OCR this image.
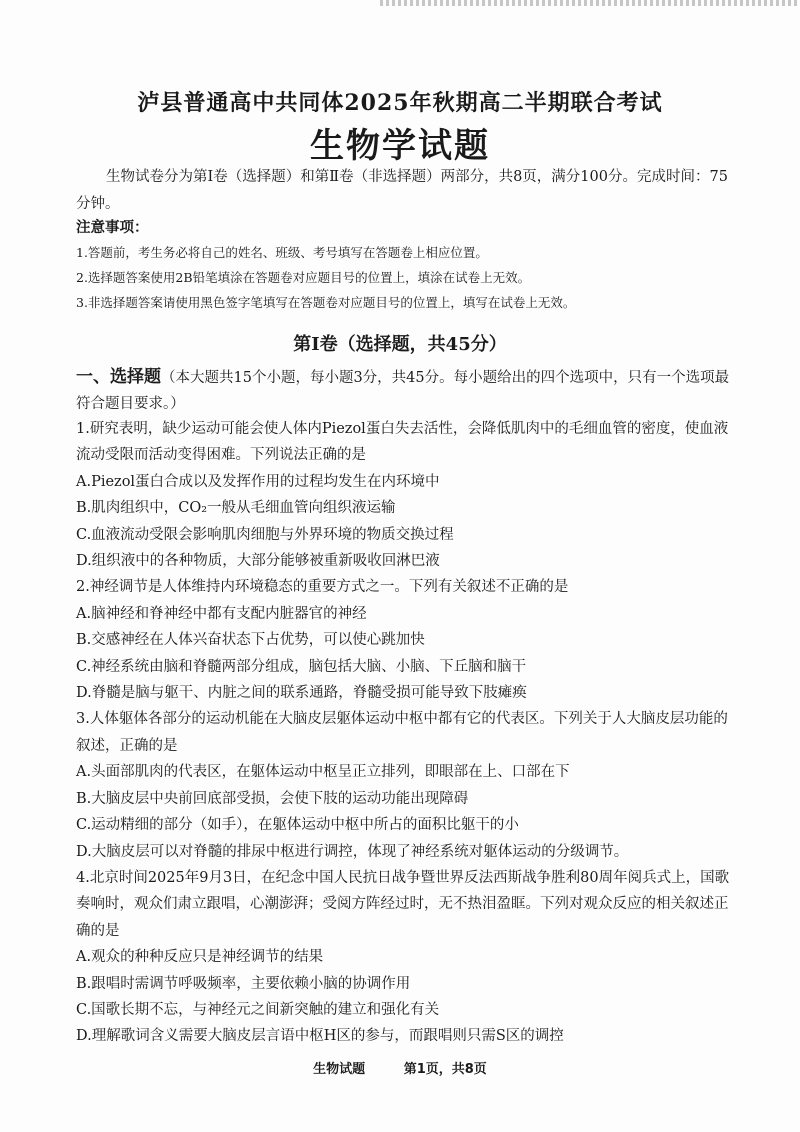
泸县普通高中共同体2025年秋期高二半期联合考试
生物学试题
生物试卷分为第Ⅰ卷（选择题）和第Ⅱ卷（非选择题）两部分，共8页，满分100分。完成时间：75分钟。
注意事项：
1.答题前，考生务必将自己的姓名、班级、考号填写在答题卷上相应位置。
2.选择题答案使用2B铅笔填涂在答题卷对应题目号的位置上，填涂在试卷上无效。
3.非选择题答案请使用黑色签字笔填写在答题卷对应题目号的位置上，填写在试卷上无效。
第Ⅰ卷（选择题，共45分）
一、选择题（本大题共15个小题，每小题3分，共45分。每小题给出的四个选项中，只有一个选项最符合题目要求。）

1.研究表明，缺少运动可能会使人体内Piezol蛋白失去活性，会降低肌肉中的毛细血管的密度，使血液流动受限而活动变得困难。下列说法正确的是

A.Piezol蛋白合成以及发挥作用的过程均发生在内环境中

B.肌肉组织中，CO₂一般从毛细血管向组织液运输

C.血液流动受限会影响肌肉细胞与外界环境的物质交换过程

D.组织液中的各种物质，大部分能够被重新吸收回淋巴液

2.神经调节是人体维持内环境稳态的重要方式之一。下列有关叙述不正确的是

A.脑神经和脊神经中都有支配内脏器官的神经

B.交感神经在人体兴奋状态下占优势，可以使心跳加快

C.神经系统由脑和脊髓两部分组成，脑包括大脑、小脑、下丘脑和脑干

D.脊髓是脑与躯干、内脏之间的联系通路，脊髓受损可能导致下肢瘫痪

3.人体躯体各部分的运动机能在大脑皮层躯体运动中枢中都有它的代表区。下列关于人大脑皮层功能的叙述，正确的是

A.头面部肌肉的代表区，在躯体运动中枢呈正立排列，即眼部在上、口部在下

B.大脑皮层中央前回底部受损，会使下肢的运动功能出现障碍

C.运动精细的部分（如手），在躯体运动中枢中所占的面积比躯干的小

D.大脑皮层可以对脊髓的排尿中枢进行调控，体现了神经系统对躯体运动的分级调节。

4.北京时间2025年9月3日，在纪念中国人民抗日战争暨世界反法西斯战争胜利80周年阅兵式上，国歌奏响时，观众们肃立跟唱，心潮澎湃；受阅方阵经过时，无不热泪盈眶。下列对观众反应的相关叙述正确的是

A.观众的种种反应只是神经调节的结果

B.跟唱时需调节呼吸频率，主要依赖小脑的协调作用

C.国歌长期不忘，与神经元之间新突触的建立和强化有关

D.理解歌词含义需要大脑皮层言语中枢H区的参与，而跟唱则只需S区的调控

生物试题	第1页，共8页
